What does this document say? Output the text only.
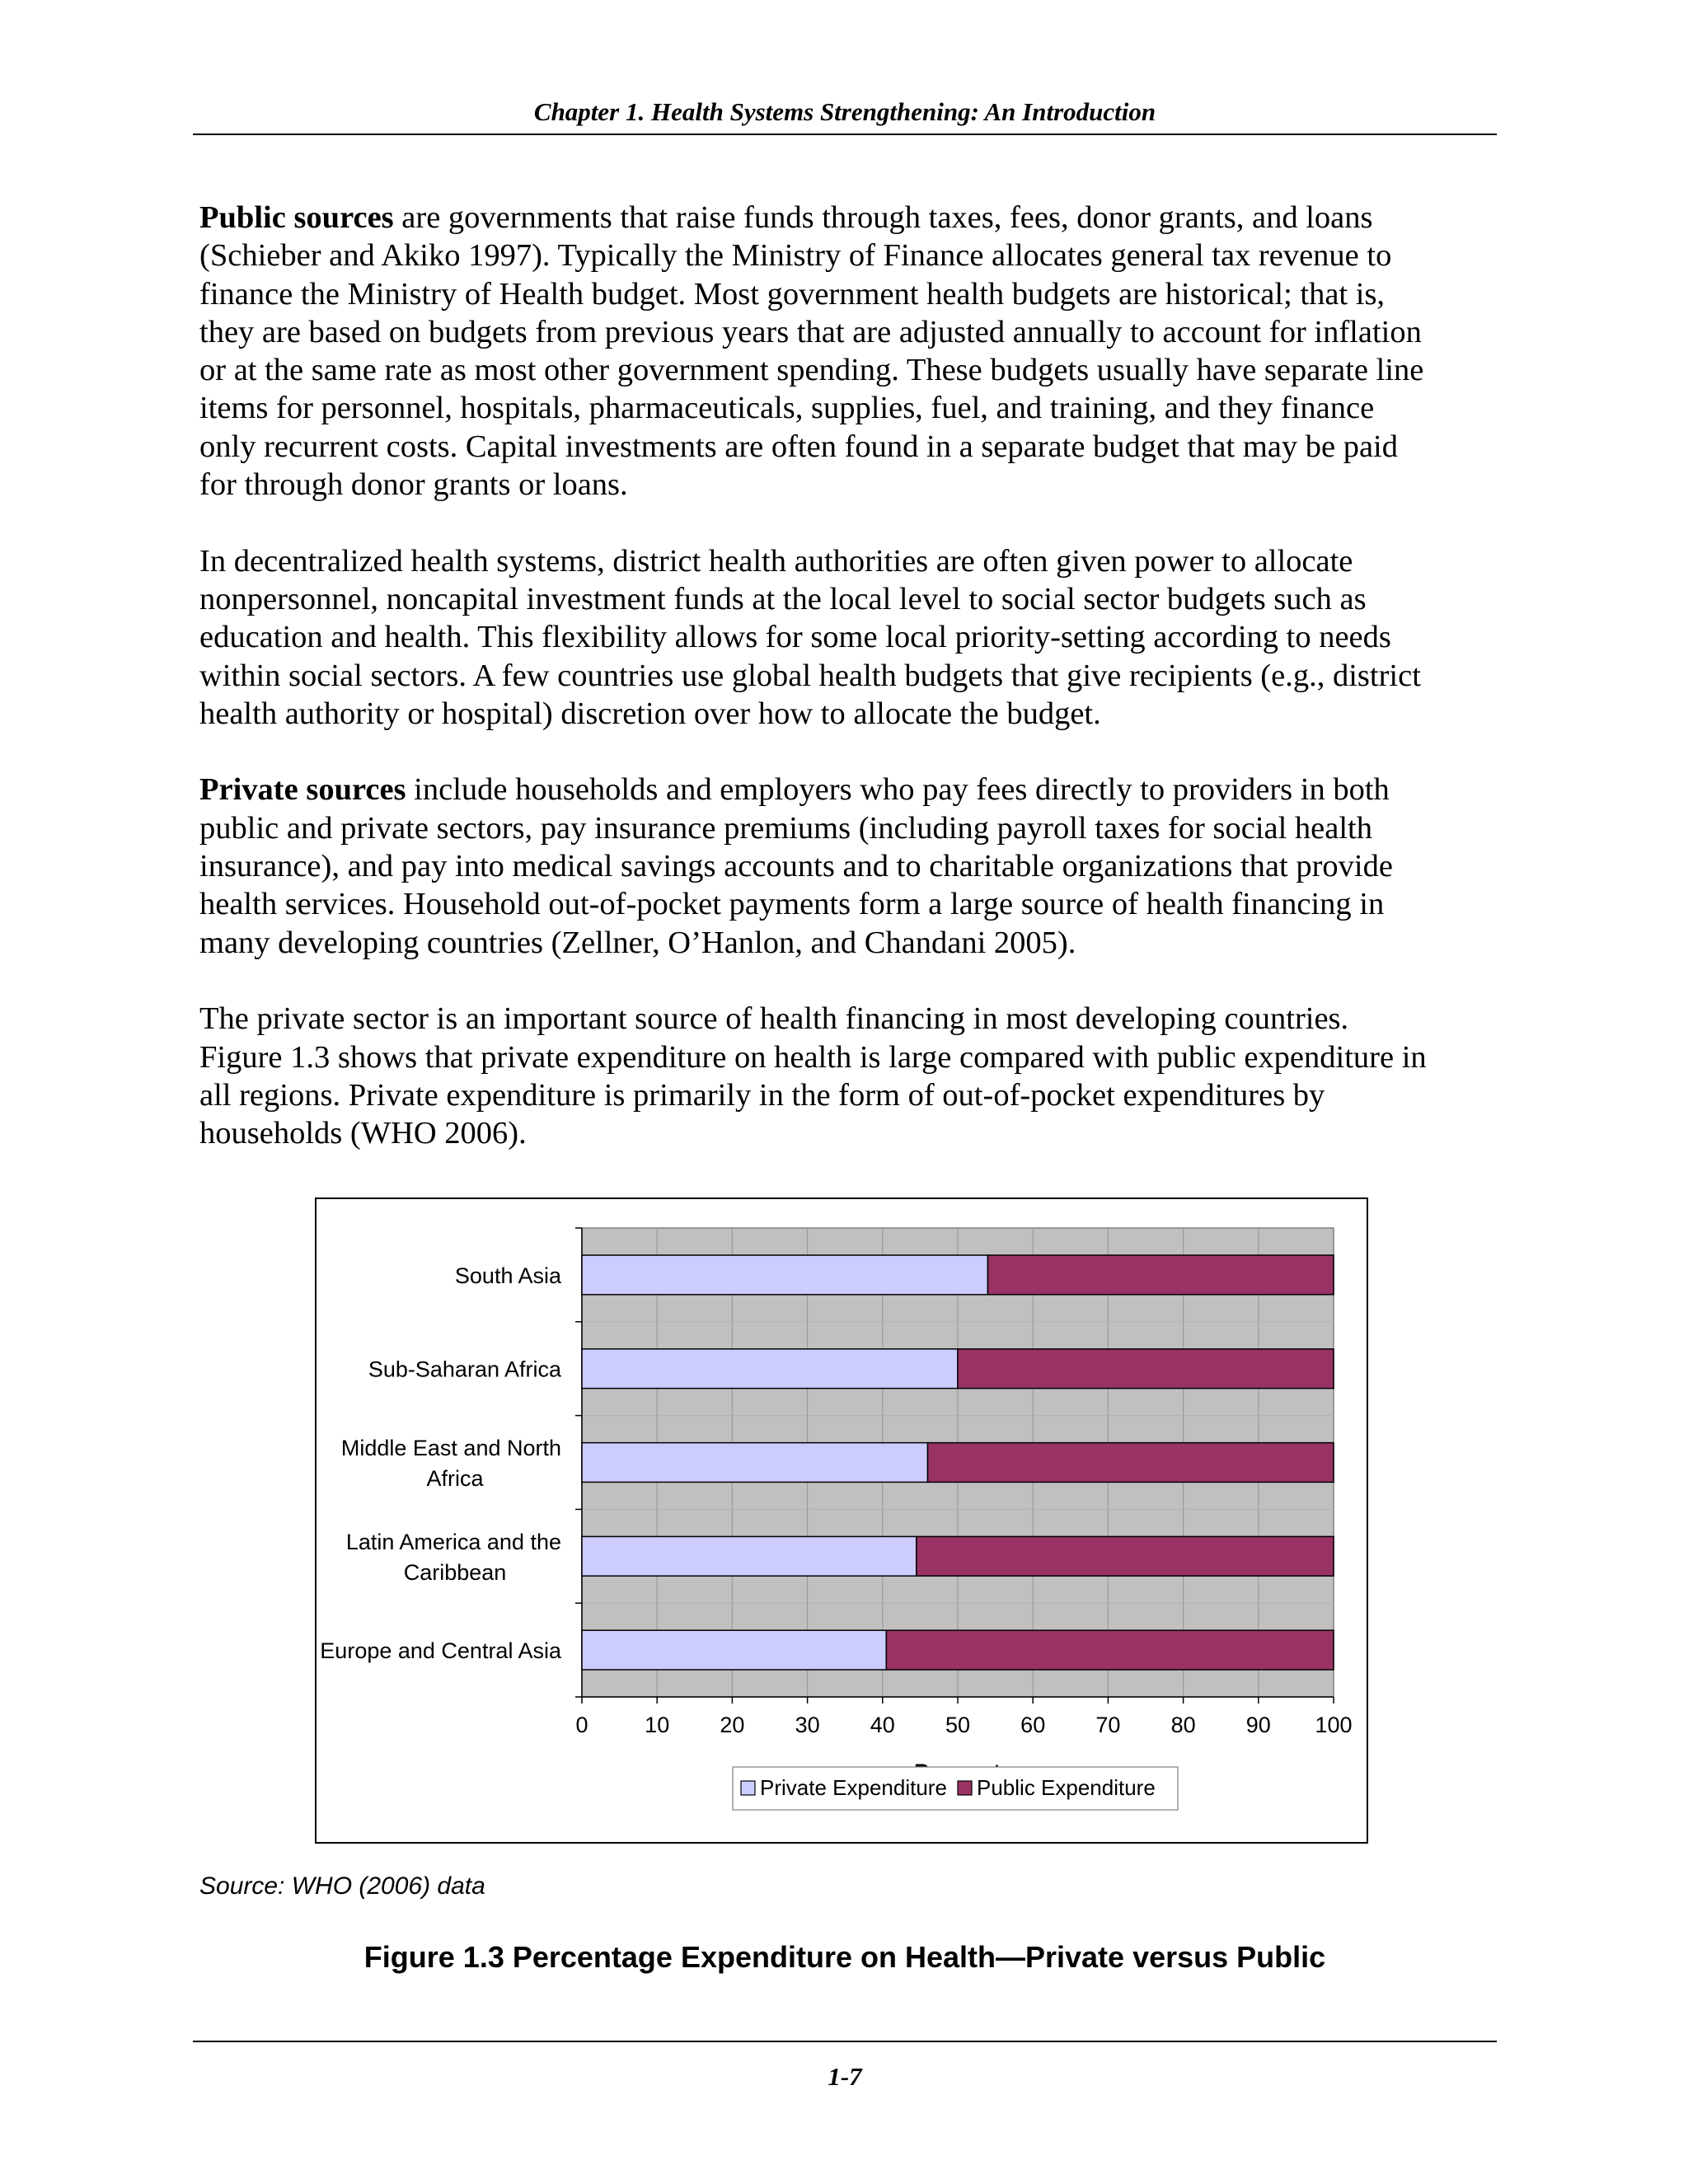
Chapter 1. Health Systems Strengthening: An Introduction

Public sources are governments that raise funds through taxes, fees, donor grants, and loans

(Schieber and Akiko 1997). Typically the Ministry of Finance allocates general tax revenue to

finance the Ministry of Health budget. Most government health budgets are historical; that is,

they are based on budgets from previous years that are adjusted annually to account for inflation

or at the same rate as most other government spending. These budgets usually have separate line

items for personnel, hospitals, pharmaceuticals, supplies, fuel, and training, and they finance

only recurrent costs. Capital investments are often found in a separate budget that may be paid

for through donor grants or loans.

In decentralized health systems, district health authorities are often given power to allocate

nonpersonnel, noncapital investment funds at the local level to social sector budgets such as

education and health. This flexibility allows for some local priority-setting according to needs

within social sectors. A few countries use global health budgets that give recipients (e.g., district

health authority or hospital) discretion over how to allocate the budget.

Private sources include households and employers who pay fees directly to providers in both

public and private sectors, pay insurance premiums (including payroll taxes for social health

insurance), and pay into medical savings accounts and to charitable organizations that provide

health services. Household out-of-pocket payments form a large source of health financing in

many developing countries (Zellner, O’Hanlon, and Chandani 2005).

The private sector is an important source of health financing in most developing countries.

Figure 1.3 shows that private expenditure on health is large compared with public expenditure in

all regions. Private expenditure is primarily in the form of out-of-pocket expenditures by

households (WHO 2006).

0	10 20 30 40 50 60 70 80 90 100
South Asia
Sub-Saharan Africa
Middle East and North
Africa
Latin America and the
Caribbean
Europe and Central Asia
Private Expenditure Public Expenditure
Source: WHO (2006) data
Figure 1.3 Percentage Expenditure on Health—Private versus Public
1-7
